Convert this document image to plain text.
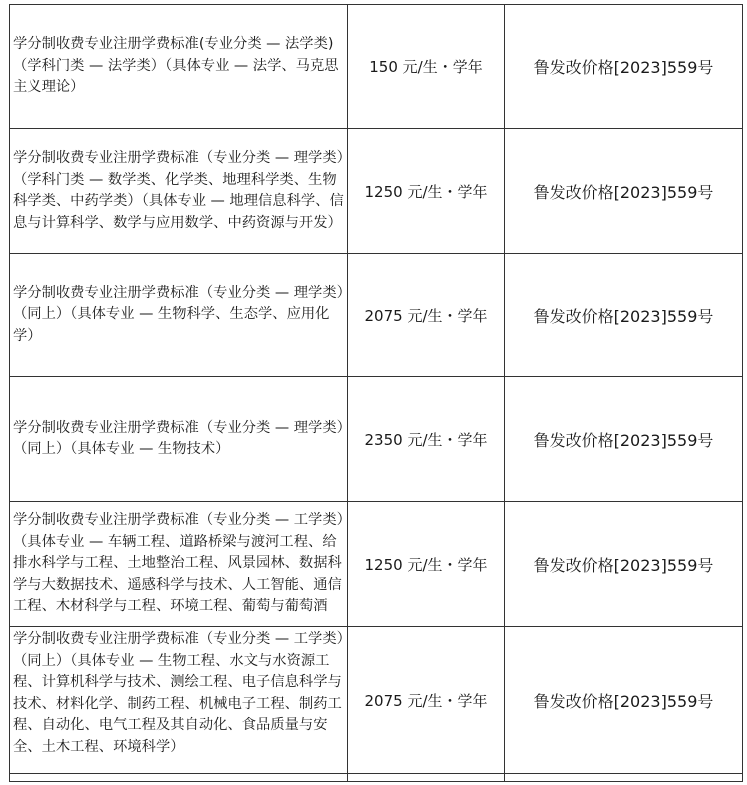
学分制收费专业注册学费标准(专业分类 — 法学类)（学科门类 — 法学类）（具体专业 — 法学、马克思主义理论）	150 元/生・学年	鲁发改价格[2023]559号
学分制收费专业注册学费标准（专业分类 — 理学类）（学科门类 — 数学类、化学类、地理科学类、生物科学类、中药学类）（具体专业 — 地理信息科学、信息与计算科学、数学与应用数学、中药资源与开发）	1250 元/生・学年	鲁发改价格[2023]559号
学分制收费专业注册学费标准（专业分类 — 理学类）（同上）（具体专业 — 生物科学、生态学、应用化学）	2075 元/生・学年	鲁发改价格[2023]559号
学分制收费专业注册学费标准（专业分类 — 理学类）（同上）（具体专业 — 生物技术）	2350 元/生・学年	鲁发改价格[2023]559号
学分制收费专业注册学费标准（专业分类 — 工学类）（具体专业 — 车辆工程、道路桥梁与渡河工程、给排水科学与工程、土地整治工程、风景园林、数据科学与大数据技术、遥感科学与技术、人工智能、通信工程、木材科学与工程、环境工程、葡萄与葡萄酒	1250 元/生・学年	鲁发改价格[2023]559号
学分制收费专业注册学费标准（专业分类 — 工学类）（同上）（具体专业 — 生物工程、水文与水资源工程、计算机科学与技术、测绘工程、电子信息科学与技术、材料化学、制药工程、机械电子工程、制药工程、自动化、电气工程及其自动化、食品质量与安全、土木工程、环境科学）	2075 元/生・学年	鲁发改价格[2023]559号
